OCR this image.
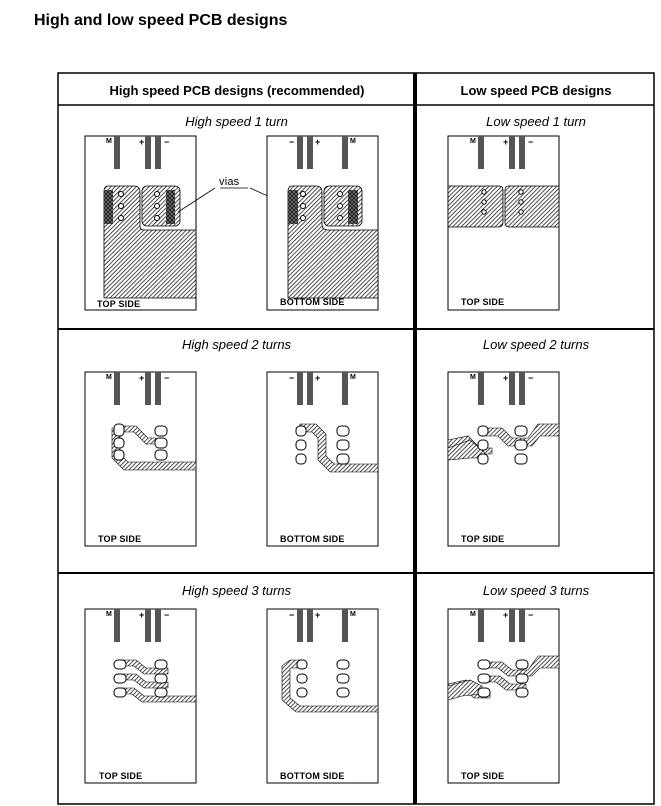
High and low speed PCB designs
High speed PCB designs (recommended)	Low speed PCB designs
High speed 1 turn	Low speed 1 turn
High speed 2 turns	Low speed 2 turns
High speed 3 turns	Low speed 3 turns
vias
M	+ −	− +	M	M	+ −
M	+ −	− +	M	M	+ −
M	+ −	− +	M	M	+ −
TOP SIDE	BOTTOM SIDE	TOP SIDE
TOP SIDE	BOTTOM SIDE	TOP SIDE
TOP SIDE	BOTTOM SIDE	TOP SIDE
